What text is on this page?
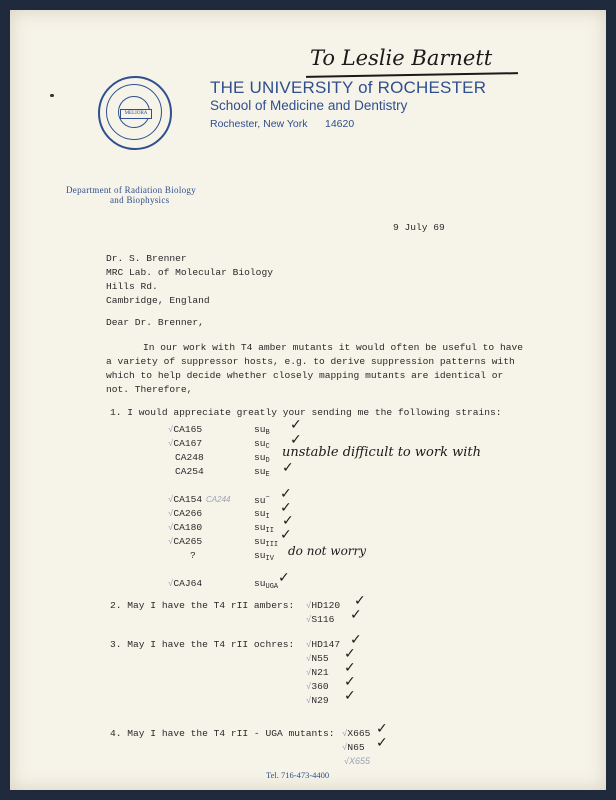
To Leslie Barnett
MELIORA
THE UNIVERSITY of ROCHESTER
School of Medicine and Dentistry
Rochester, New York 14620
Department of Radiation Biology
and Biophysics
9 July 69
Dr. S. Brenner
MRC Lab. of Molecular Biology
Hills Rd.
Cambridge, England
Dear Dr. Brenner,
In our work with T4 amber mutants it would often be useful to have
a variety of suppressor hosts, e.g. to derive suppression patterns with
which to help decide whether closely mapping mutants are identical or
not. Therefore,
1. I would appreciate greatly your sending me the following strains:
√CA165
√CA167
CA248
CA254
√CA154 CA244
√CA266
√CA180
√CA265
?
√CAJ64
$su_B$
$su_C$
$su_D$
$su_E$
su−
$su_I$
$su_{II}$
$su_{III}$
$su_{IV}$
$su_{UGA}$
✓
✓
✓
✓
✓
✓
✓
✓
unstable difficult to work with
do not worry
2. May I have the T4 rII ambers: √HD120
√S116
✓
✓
3. May I have the T4 rII ochres: √HD147
√N55
√N21
√360
√N29
✓
✓
✓
✓
✓
4. May I have the T4 rII - UGA mutants: √X665
√N65
✓
✓
√X655
Tel. 716-473-4400
